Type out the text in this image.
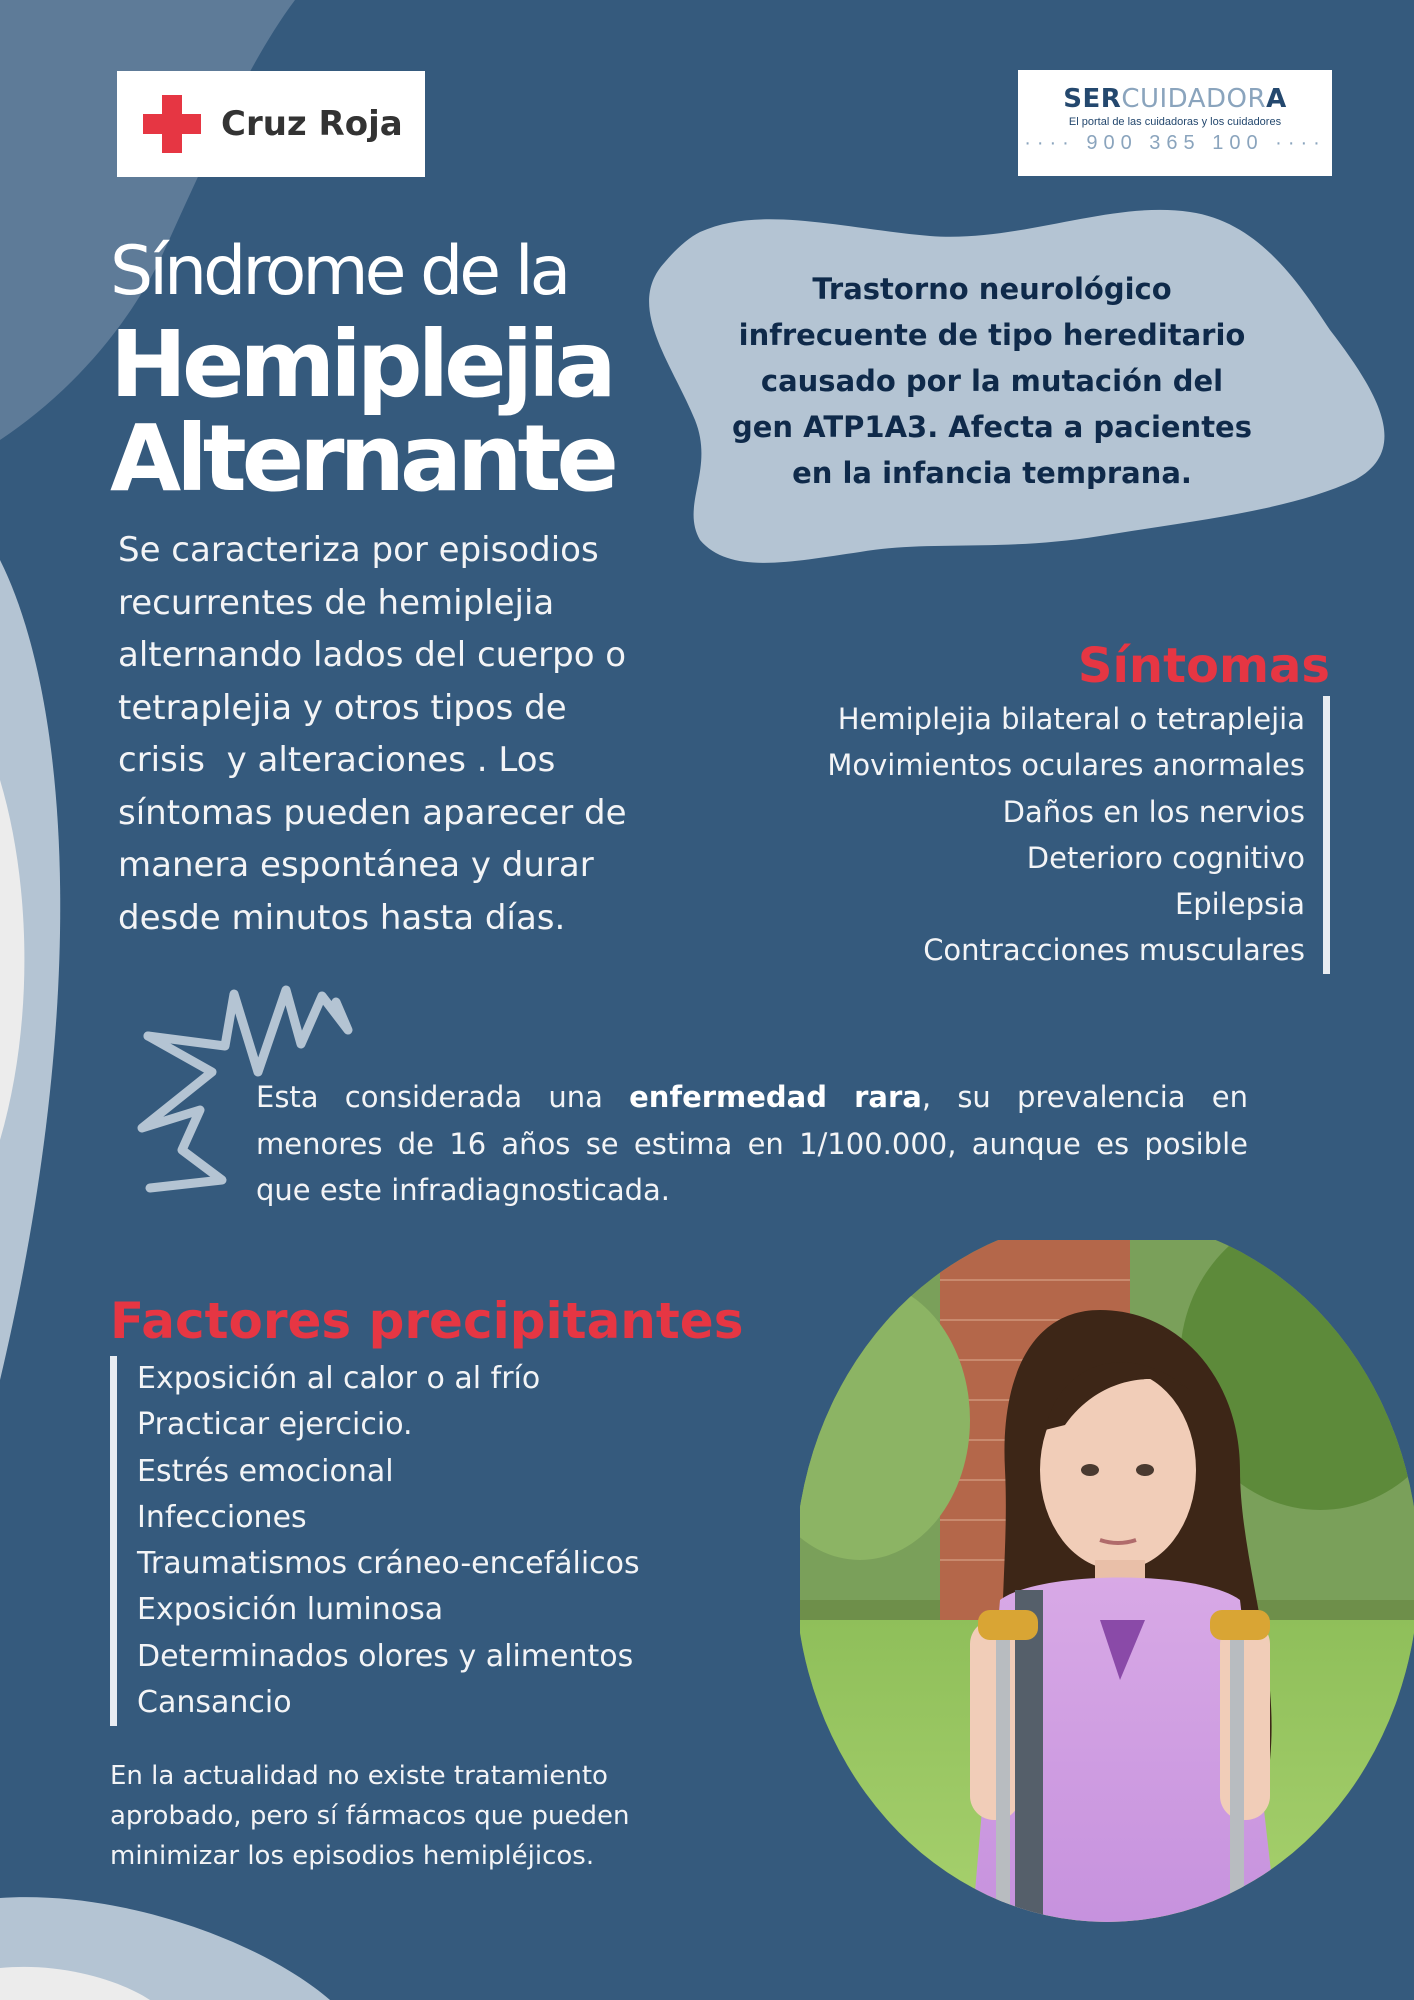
Cruz Roja
SERCUIDADORA
El portal de las cuidadoras y los cuidadores
···· 900 365 100 ····
Síndrome de la
Hemiplejia
Alternante
Trastorno neurológico
infrecuente de tipo hereditario
causado por la mutación del
gen ATP1A3. Afecta a pacientes
en la infancia temprana.
Se caracteriza por episodios
recurrentes de hemiplejia
alternando lados del cuerpo o
tetraplejia y otros tipos de
crisis  y alteraciones . Los
síntomas pueden aparecer de
manera espontánea y durar
desde minutos hasta días.
Síntomas
Hemiplejia bilateral o tetraplejia
Movimientos oculares anormales
Daños en los nervios
Deterioro cognitivo
Epilepsia
Contracciones musculares
Esta considerada una enfermedad rara, su prevalencia en menores de 16 años se estima en 1/100.000, aunque es posible que este infradiagnosticada.
Factores precipitantes
Exposición al calor o al frío
Practicar ejercicio.
Estrés emocional
Infecciones
Traumatismos cráneo-encefálicos
Exposición luminosa
Determinados olores y alimentos
Cansancio
En la actualidad no existe tratamiento
aprobado, pero sí fármacos que pueden
minimizar los episodios hemipléjicos.
